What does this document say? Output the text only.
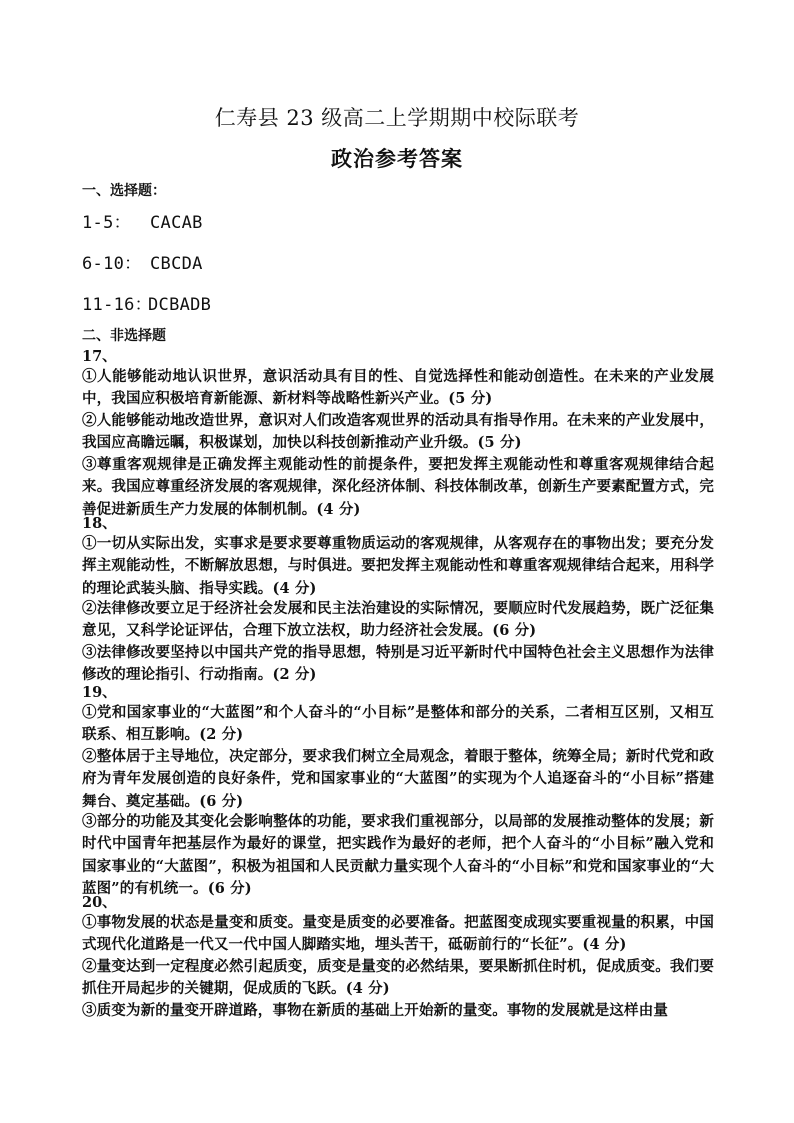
仁寿县 23 级高二上学期期中校际联考
政治参考答案
一、选择题：
1-5： CACAB
6-10： CBCDA
11-16：DCBADB
二、非选择题
17、
①人能够能动地认识世界，意识活动具有目的性、自觉选择性和能动创造性。在未来的产业发展中，我国应积极培育新能源、新材料等战略性新兴产业。(5 分)
②人能够能动地改造世界，意识对人们改造客观世界的活动具有指导作用。在未来的产业发展中，我国应高瞻远瞩，积极谋划，加快以科技创新推动产业升级。(5 分)
③尊重客观规律是正确发挥主观能动性的前提条件，要把发挥主观能动性和尊重客观规律结合起来。我国应尊重经济发展的客观规律，深化经济体制、科技体制改革，创新生产要素配置方式，完善促进新质生产力发展的体制机制。(4 分)
18、
①一切从实际出发，实事求是要求要尊重物质运动的客观规律，从客观存在的事物出发；要充分发挥主观能动性，不断解放思想，与时俱进。要把发挥主观能动性和尊重客观规律结合起来，用科学的理论武装头脑、指导实践。(4 分)
②法律修改要立足于经济社会发展和民主法治建设的实际情况，要顺应时代发展趋势，既广泛征集意见，又科学论证评估，合理下放立法权，助力经济社会发展。(6 分)
③法律修改要坚持以中国共产党的指导思想，特别是习近平新时代中国特色社会主义思想作为法律修改的理论指引、行动指南。(2 分)
19、
①党和国家事业的“大蓝图”和个人奋斗的“小目标”是整体和部分的关系，二者相互区别，又相互联系、相互影响。(2 分)
②整体居于主导地位，决定部分，要求我们树立全局观念，着眼于整体，统筹全局；新时代党和政府为青年发展创造的良好条件，党和国家事业的“大蓝图”的实现为个人追逐奋斗的“小目标”搭建舞台、奠定基础。(6 分)
③部分的功能及其变化会影响整体的功能，要求我们重视部分，以局部的发展推动整体的发展；新时代中国青年把基层作为最好的课堂，把实践作为最好的老师，把个人奋斗的“小目标”融入党和国家事业的“大蓝图”，积极为祖国和人民贡献力量实现个人奋斗的“小目标”和党和国家事业的“大蓝图”的有机统一。(6 分)
20、
①事物发展的状态是量变和质变。量变是质变的必要准备。把蓝图变成现实要重视量的积累，中国式现代化道路是一代又一代中国人脚踏实地，埋头苦干，砥砺前行的“长征”。(4 分)
②量变达到一定程度必然引起质变，质变是量变的必然结果，要果断抓住时机，促成质变。我们要抓住开局起步的关键期，促成质的飞跃。(4 分)
③质变为新的量变开辟道路，事物在新质的基础上开始新的量变。事物的发展就是这样由量
